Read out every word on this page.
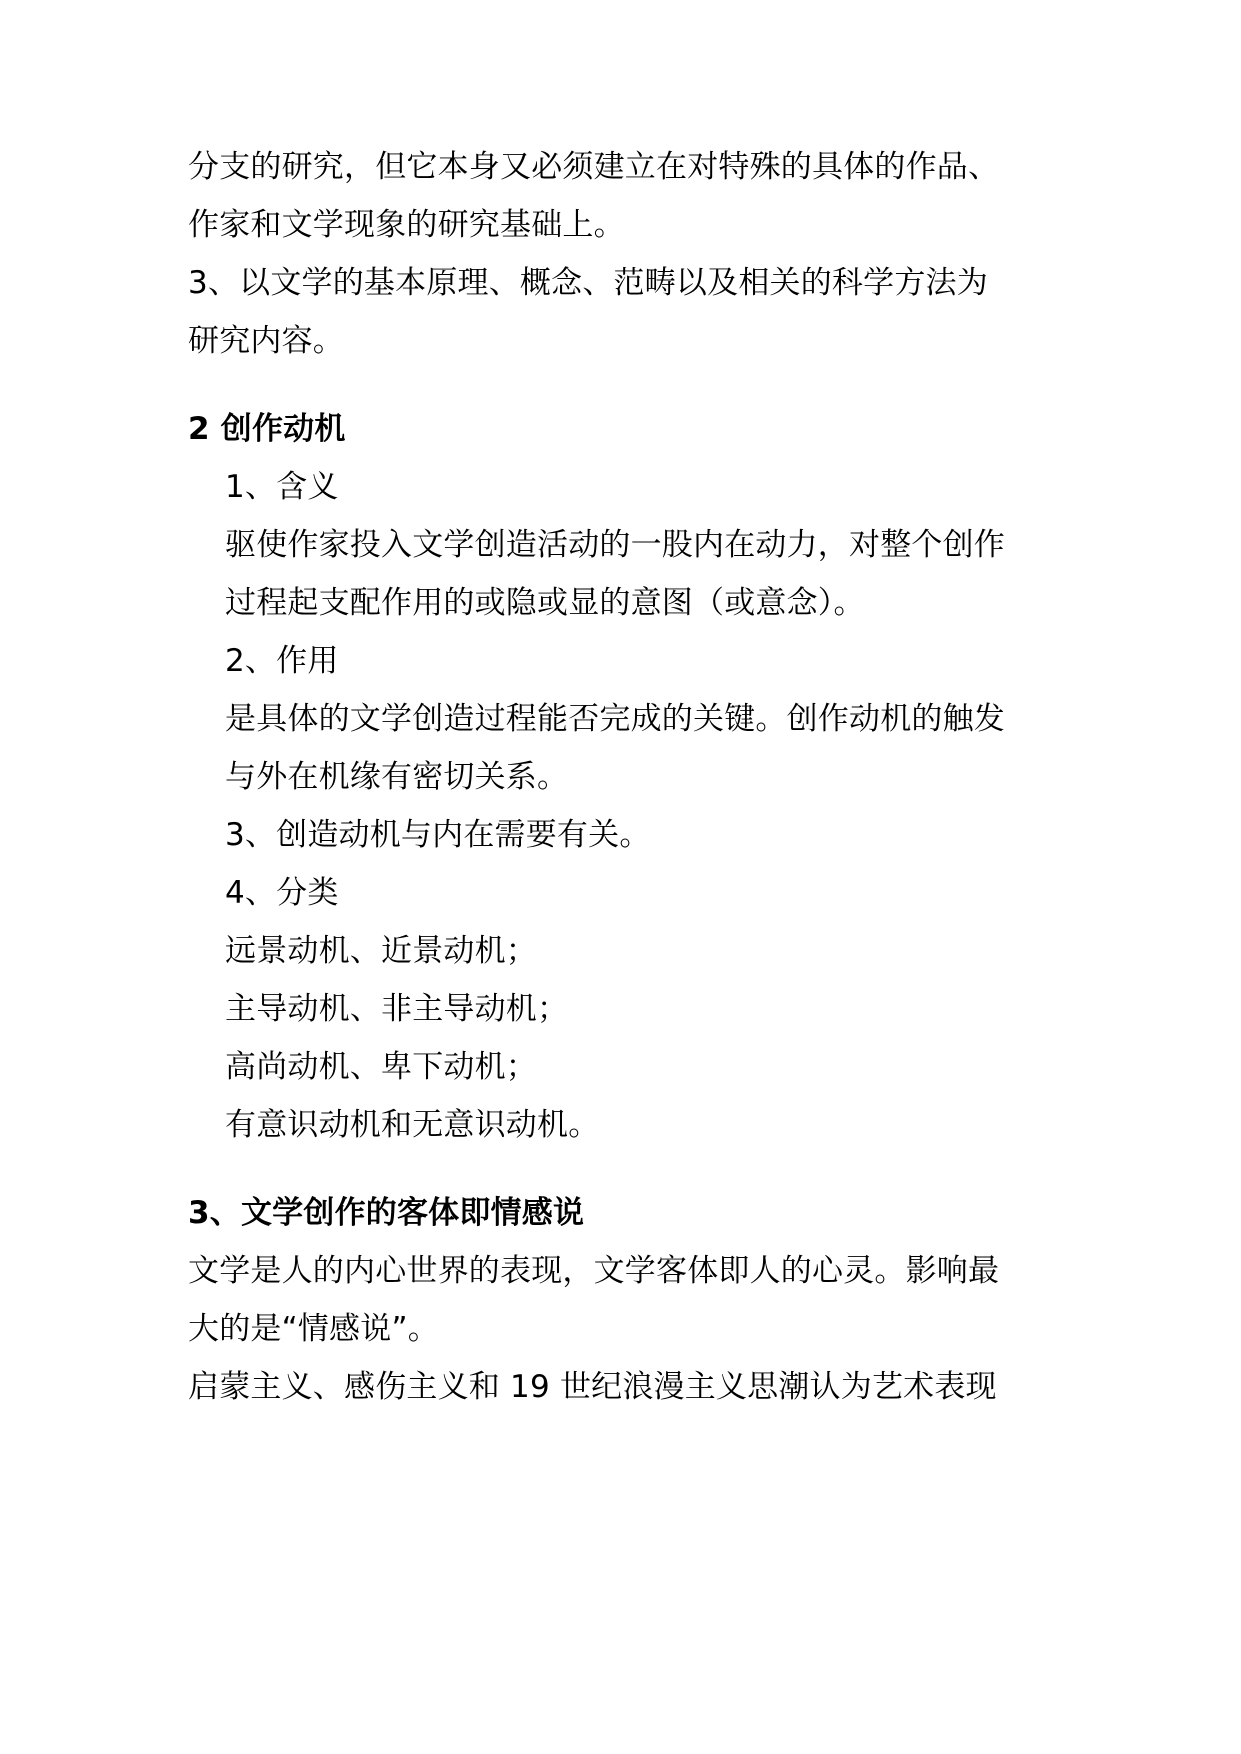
分支的研究，但它本身又必须建立在对特殊的具体的作品、
作家和文学现象的研究基础上。
3、以文学的基本原理、概念、范畴以及相关的科学方法为
研究内容。
2 创作动机
1、含义
驱使作家投入文学创造活动的一股内在动力，对整个创作
过程起支配作用的或隐或显的意图（或意念）。
2、作用
是具体的文学创造过程能否完成的关键。创作动机的触发
与外在机缘有密切关系。
3、创造动机与内在需要有关。
4、分类
远景动机、近景动机；
主导动机、非主导动机；
高尚动机、卑下动机；
有意识动机和无意识动机。
3、文学创作的客体即情感说
文学是人的内心世界的表现，文学客体即人的心灵。影响最
大的是“情感说”。
启蒙主义、感伤主义和 19 世纪浪漫主义思潮认为艺术表现
